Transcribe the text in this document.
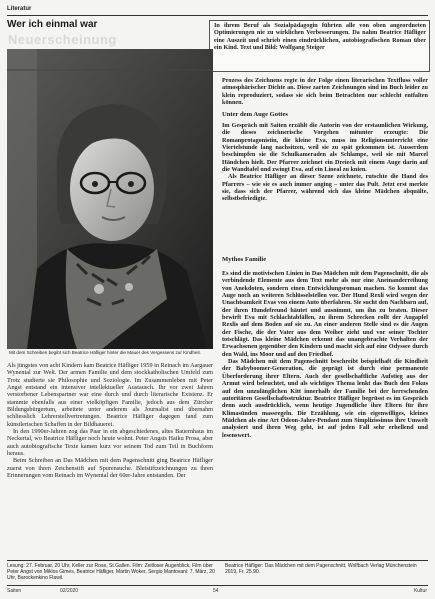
Literatur
Wer ich einmal war
Neuerscheinung
In ihrem Beruf als Sozialpädagogin führten alle von oben angeordneten Optimierungen nie zu wirklichen Verbesserungen. Da nahm Beatrice Häfliger eine Auszeit und schrieb einen eindrücklichen, autobiografischen Roman über ein Kind. Text und Bild: Wolfgang Steiger
Mit dem Schreiben begibt sich Beatrice Häfliger hinter die Mauer des Vergessens zur Kindheit.

Als jüngstes von acht Kindern kam Beatrice Häfliger 1959 in Reinach im Aargauer Wynental zur Welt. Der armen Familie und dem stockkatholischen Umfeld zum Trotz studierte sie Philosophie und Soziologie. Im Zusammenleben mit Peter Angst entstand ein intensiver intellektueller Austausch. Ihr vor zwei Jahren verstorbener Lebenspartner war eine durch und durch literarische Existenz. Er stammte ebenfalls aus einer vielköpfigen Familie, jedoch aus dem Zürcher Bildungsbürgertum, arbeitete unter anderem als Journalist und übernahm schliesslich Lehrerstellvertretungen. Beatrice Häfliger dagegen fand zum künstlerischen Schaffen in der Bildhauerei.

In den 1990er-Jahren zog das Paar in ein abgeschiedenes, altes Bauernhaus im Neckertal, wo Beatrice Häfliger noch heute wohnt. Peter Angsts Haiku Prosa, aber auch autobiografische Texte kamen kurz vor seinem Tod zum Teil in Buchform heraus.

Beim Schreiben an Das Mädchen mit dem Pagenschnitt ging Beatrice Häfliger zuerst von ihren Zeichenstift auf Spurensuche. Bleistiftzeichnungen zu ihren Erinnerungen vom Reinach im Wynental der 60er-Jahre entstanden. Der

Prozess des Zeichnens regte in der Folge einen literarischen Textfluss voller atmosphärischer Dichte an. Diese zarten Zeichnungen sind im Buch leider zu klein reproduziert, sodass sie sich beim Betrachten nur schlecht entfalten können.
Unter dem Auge Gottes

Im Gespräch mit Saiten erzählt die Autorin von der erstaunlichen Wirkung, die dieses zeichnerische Vorgehen mitunter erzeugte: Die Romanprotagonistin, die kleine Eva, muss im Religionsunterricht eine Viertelstunde lang nachsitzen, weil sie zu spät gekommen ist. Ausserdem beschimpfen sie die Schulkameraden als Schlampe, weil sie mit Marcel Händchen hielt. Der Pfarrer zeichnet ein Dreieck mit einem Auge darin auf die Wandtafel und zwingt Eva, auf ein Lineal zu knien.

Als Beatrice Häfliger an dieser Szene zeichnete, rutschte die Hand des Pfarrers – wie sie es auch immer anging – unter das Pult. Jetzt erst merkte sie, dass sich der Pfarrer, während sich das kleine Mädchen abquälte, selbstbefriedigte.

Mythos Familie

Es sind die motivischen Linien in Das Mädchen mit dem Pagenschnitt, die als verbindende Elemente aus dem Text mehr als nur eine Aneinanderreihung von Anekdoten, sondern einen Entwicklungsroman machen. So kommt das Auge noch an weiteren Schlüsselstellen vor. Der Hund Rexli wird wegen der Unachtsamkeit Evas von einem Auto überfahren. Sie sucht den Nachbarn auf, der ihren Hundefreund häutet und ausnimmt, um ihn zu braten. Dieser bewirft Eva mit Schlachtabfällen, zu ihrem Schrecken rollt der Augapfel Rexlis auf dem Boden auf sie zu. An einer anderen Stelle sind es die Augen der Fische, die der Vater aus dem Weiher zieht und vor seiner Tochter totschlägt. Das kleine Mädchen erkennt das unangebrachte Verhalten der Erwachsenen gegenüber den Kindern und macht sich auf eine Odyssee durch den Wald, ins Moor und auf den Friedhof.

Das Mädchen mit dem Pagenschnitt beschreibt beispielhaft die Kindheit der Babyboomer-Generation, die geprägt ist durch eine permanente Überforderung ihrer Eltern. Auch der gesellschaftliche Aufstieg aus der Armut wird beleuchtet, und als wichtiges Thema lenkt das Buch den Fokus auf den unzulänglichen Kitt innerhalb der Familie bei der herrschenden autoritären Gesellschaftsstruktur. Beatrice Häfliger begrüsst es im Gespräch denn auch ausdrücklich, wenn heutige Jugendliche ihre Eltern für ihre Klimasünden massregeln. Die Erzählung, wie ein eigenwilliges, kleines Mädchen als eine Art Ödeon-Jahre-Pendant zum Simplizissimus ihre Umwelt analysiert und ihren Weg geht, ist auf jeden Fall sehr erhellend und lesenswert.

Lesung: 27. Februar, 20 Uhr, Keller zur Rose, St.Gallen. Film: Zeitloser Augenblick, Film über Peter Angst von Miklos Gimes, Beatrice Häfliger, Martin Woker, Sergio Mantovani: 7. März, 20 Uhr, Barockenkino Flawil.
Beatrice Häfliger: Das Mädchen mit dem Pagenschnitt, Wolfbach Verlag Münchenstein 2019, Fr. 25.90.
Saiten	02/2020	54	Kultur
